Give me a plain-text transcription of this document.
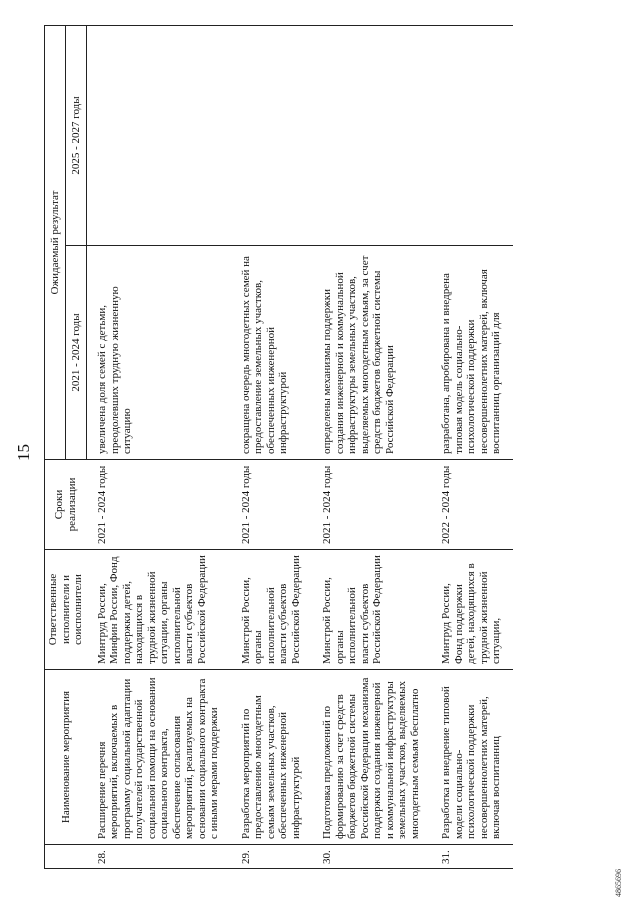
15
	Наименование мероприятия	Ответственные исполнители и соисполнители	Сроки реализации	Ожидаемый результат	
				2021 - 2024 годы	2025 - 2027 годы
28.	Расширение перечня мероприятий, включаемых в программу социальной адаптации получателей государственной социальной помощи на основании социального контракта, обеспечение согласования мероприятий, реализуемых на основании социального контракта с иными мерами поддержки	Минтруд России, Минфин России, Фонд поддержки детей, находящихся в трудной жизненной ситуации, органы исполнительной власти субъектов Российской Федерации	2021 - 2024 годы	увеличена доля семей с детьми, преодолевших трудную жизненную ситуацию	
29.	Разработка мероприятий по предоставлению многодетным семьям земельных участков, обеспеченных инженерной инфраструктурой	Минстрой России, органы исполнительной власти субъектов Российской Федерации	2021 - 2024 годы	сокращена очередь многодетных семей на предоставление земельных участков, обеспеченных инженерной инфраструктурой	
30.	Подготовка предложений по формированию за счет средств бюджетов бюджетной системы Российской Федерации механизма поддержки создания инженерной и коммунальной инфраструктуры земельных участков, выделяемых многодетным семьям бесплатно	Минстрой России, органы исполнительной власти субъектов Российской Федерации	2021 - 2024 годы	определены механизмы поддержки создания инженерной и коммунальной инфраструктуры земельных участков, выделяемых многодетным семьям, за счет средств бюджетов бюджетной системы Российской Федерации	
31.	Разработка и внедрение типовой модели социально-психологической поддержки несовершеннолетних матерей, включая воспитанниц	Минтруд России, Фонд поддержки детей, находящихся в трудной жизненной ситуации,	2022 - 2024 годы	разработана, апробирована и внедрена типовая модель социально-психологической поддержки несовершеннолетних матерей, включая воспитанниц организаций для	
4865696
